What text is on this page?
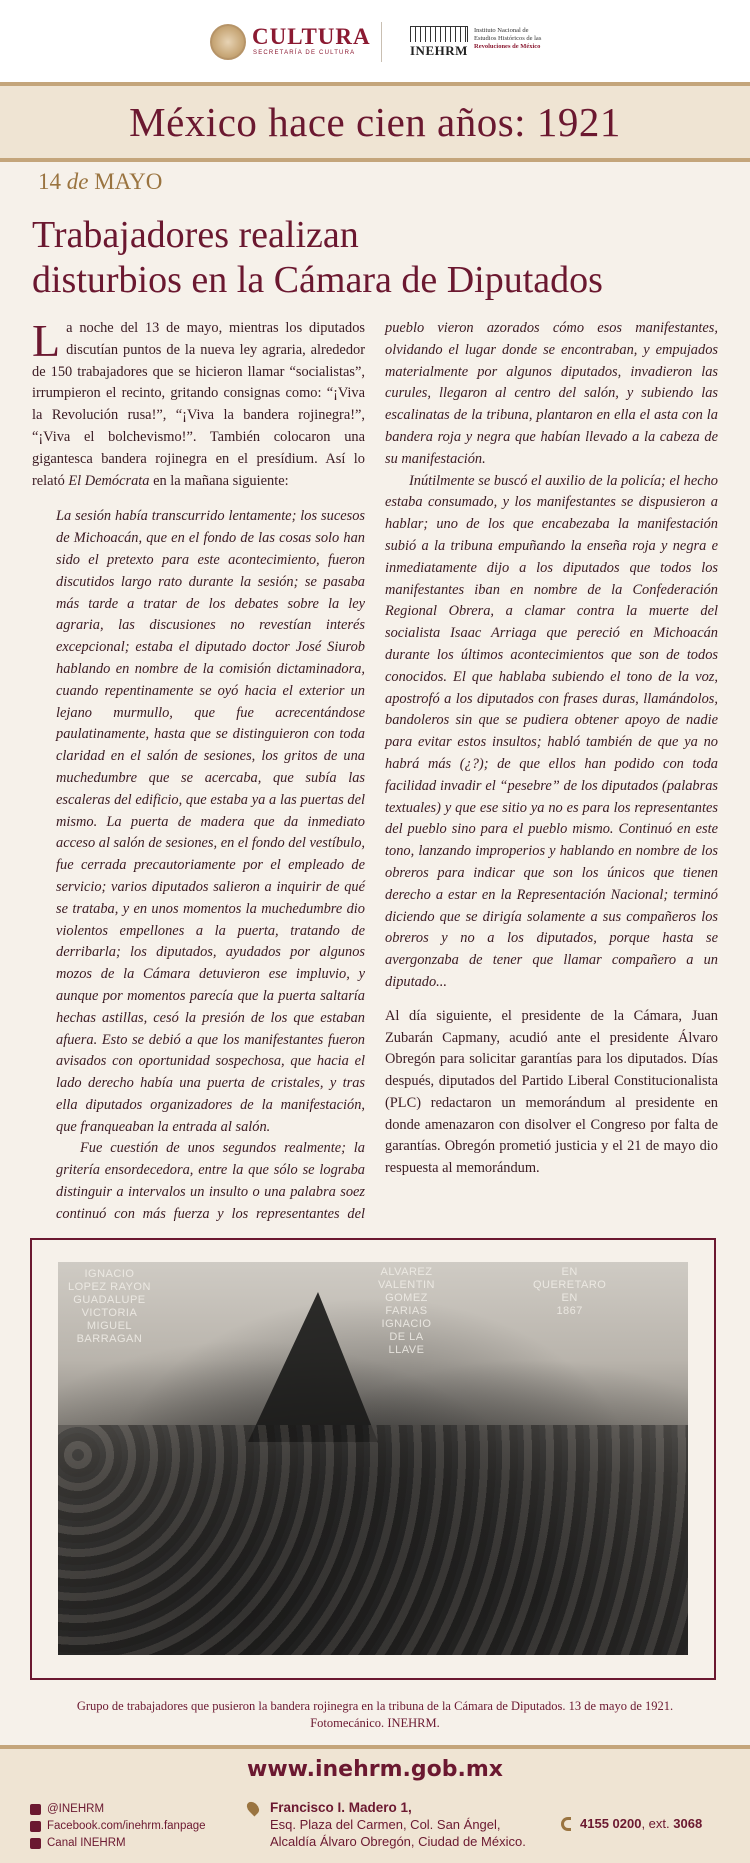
CULTURA
SECRETARÍA DE CULTURA	INEHRM
Instituto Nacional de
Estudios Históricos de las
Revoluciones de México
México hace cien años: 1921
14 de MAYO
Trabajadores realizan
disturbios en la Cámara de Diputados

L a noche del 13 de mayo, mientras los diputados discutían puntos de la nueva ley agraria, alrededor de 150 trabajadores que se hicieron llamar “socialistas”, irrumpieron el recinto, gritando consignas como: “¡Viva la Revolución rusa!”, “¡Viva la bandera rojinegra!”, “¡Viva el bolchevismo!”. También colocaron una gigantesca bandera rojinegra en el presídium. Así lo relató El Demócrata en la mañana siguiente:

La sesión había transcurrido lentamente; los sucesos de Michoacán, que en el fondo de las cosas solo han sido el pretexto para este acontecimiento, fueron discutidos largo rato durante la sesión; se pasaba más tarde a tratar de los debates sobre la ley agraria, las discusiones no revestían interés excepcional; estaba el diputado doctor José Siurob hablando en nombre de la comisión dictaminadora, cuando repentinamente se oyó hacia el exterior un lejano murmullo, que fue acrecentándose paulatinamente, hasta que se distinguieron con toda claridad en el salón de sesiones, los gritos de una muchedumbre que se acercaba, que subía las escaleras del edificio, que estaba ya a las puertas del mismo. La puerta de madera que da inmediato acceso al salón de sesiones, en el fondo del vestíbulo, fue cerrada precautoriamente por el empleado de servicio; varios diputados salieron a inquirir de qué se trataba, y en unos momentos la muchedumbre dio violentos empellones a la puerta, tratando de derribarla; los diputados, ayudados por algunos mozos de la Cámara detuvieron ese impluvio, y aunque por momentos parecía que la puerta saltaría hechas astillas, cesó la presión de los que estaban afuera. Esto se debió a que los manifestantes fueron avisados con oportunidad sospechosa, que hacia el lado derecho había una puerta de cristales, y tras ella diputados organizadores de la manifestación, que franqueaban la entrada al salón.

Fue cuestión de unos segundos realmente; la gritería ensordecedora, entre la que sólo se lograba distinguir a intervalos un insulto o una palabra soez continuó con más fuerza y los representantes del

pueblo vieron azorados cómo esos manifestantes, olvidando el lugar donde se encontraban, y empujados materialmente por algunos diputados, invadieron las curules, llegaron al centro del salón, y subiendo las escalinatas de la tribuna, plantaron en ella el asta con la bandera roja y negra que habían llevado a la cabeza de su manifestación.

Inútilmente se buscó el auxilio de la policía; el hecho estaba consumado, y los manifestantes se dispusieron a hablar; uno de los que encabezaba la manifestación subió a la tribuna empuñando la enseña roja y negra e inmediatamente dijo a los diputados que todos los manifestantes iban en nombre de la Confederación Regional Obrera, a clamar contra la muerte del socialista Isaac Arriaga que pereció en Michoacán durante los últimos acontecimientos que son de todos conocidos. El que hablaba subiendo el tono de la voz, apostrofó a los diputados con frases duras, llamándolos, bandoleros sin que se pudiera obtener apoyo de nadie para evitar estos insultos; habló también de que ya no habrá más (¿?); de que ellos han podido con toda facilidad invadir el “pesebre” de los diputados (palabras textuales) y que ese sitio ya no es para los representantes del pueblo sino para el pueblo mismo. Continuó en este tono, lanzando improperios y hablando en nombre de los obreros para indicar que son los únicos que tienen derecho a estar en la Representación Nacional; terminó diciendo que se dirigía solamente a sus compañeros los obreros y no a los diputados, porque hasta se avergonzaba de tener que llamar compañero a un diputado...

Al día siguiente, el presidente de la Cámara, Juan Zubarán Capmany, acudió ante el presidente Álvaro Obregón para solicitar garantías para los diputados. Días después, diputados del Partido Liberal Constitucionalista (PLC) redactaron un memorándum al presidente en donde amenazaron con disolver el Congreso por falta de garantías. Obregón prometió justicia y el 21 de mayo dio respuesta al memorándum.

IGNACIO
LOPEZ RAYON
GUADALUPE
VICTORIA
MIGUEL
BARRAGAN
ALVAREZ
VALENTIN
GOMEZ
FARIAS
IGNACIO
DE LA
LLAVE
EN
QUERETARO
EN
1867
Grupo de trabajadores que pusieron la bandera rojinegra en la tribuna de la Cámara de Diputados. 13 de mayo de 1921.
Fotomecánico. INEHRM.
www.inehrm.gob.mx
@INEHRM
Facebook.com/inehrm.fanpage
Canal INEHRM
Francisco I. Madero 1,
Esq. Plaza del Carmen, Col. San Ángel,
Alcaldía Álvaro Obregón, Ciudad de México.
4155 0200, ext. 3068
